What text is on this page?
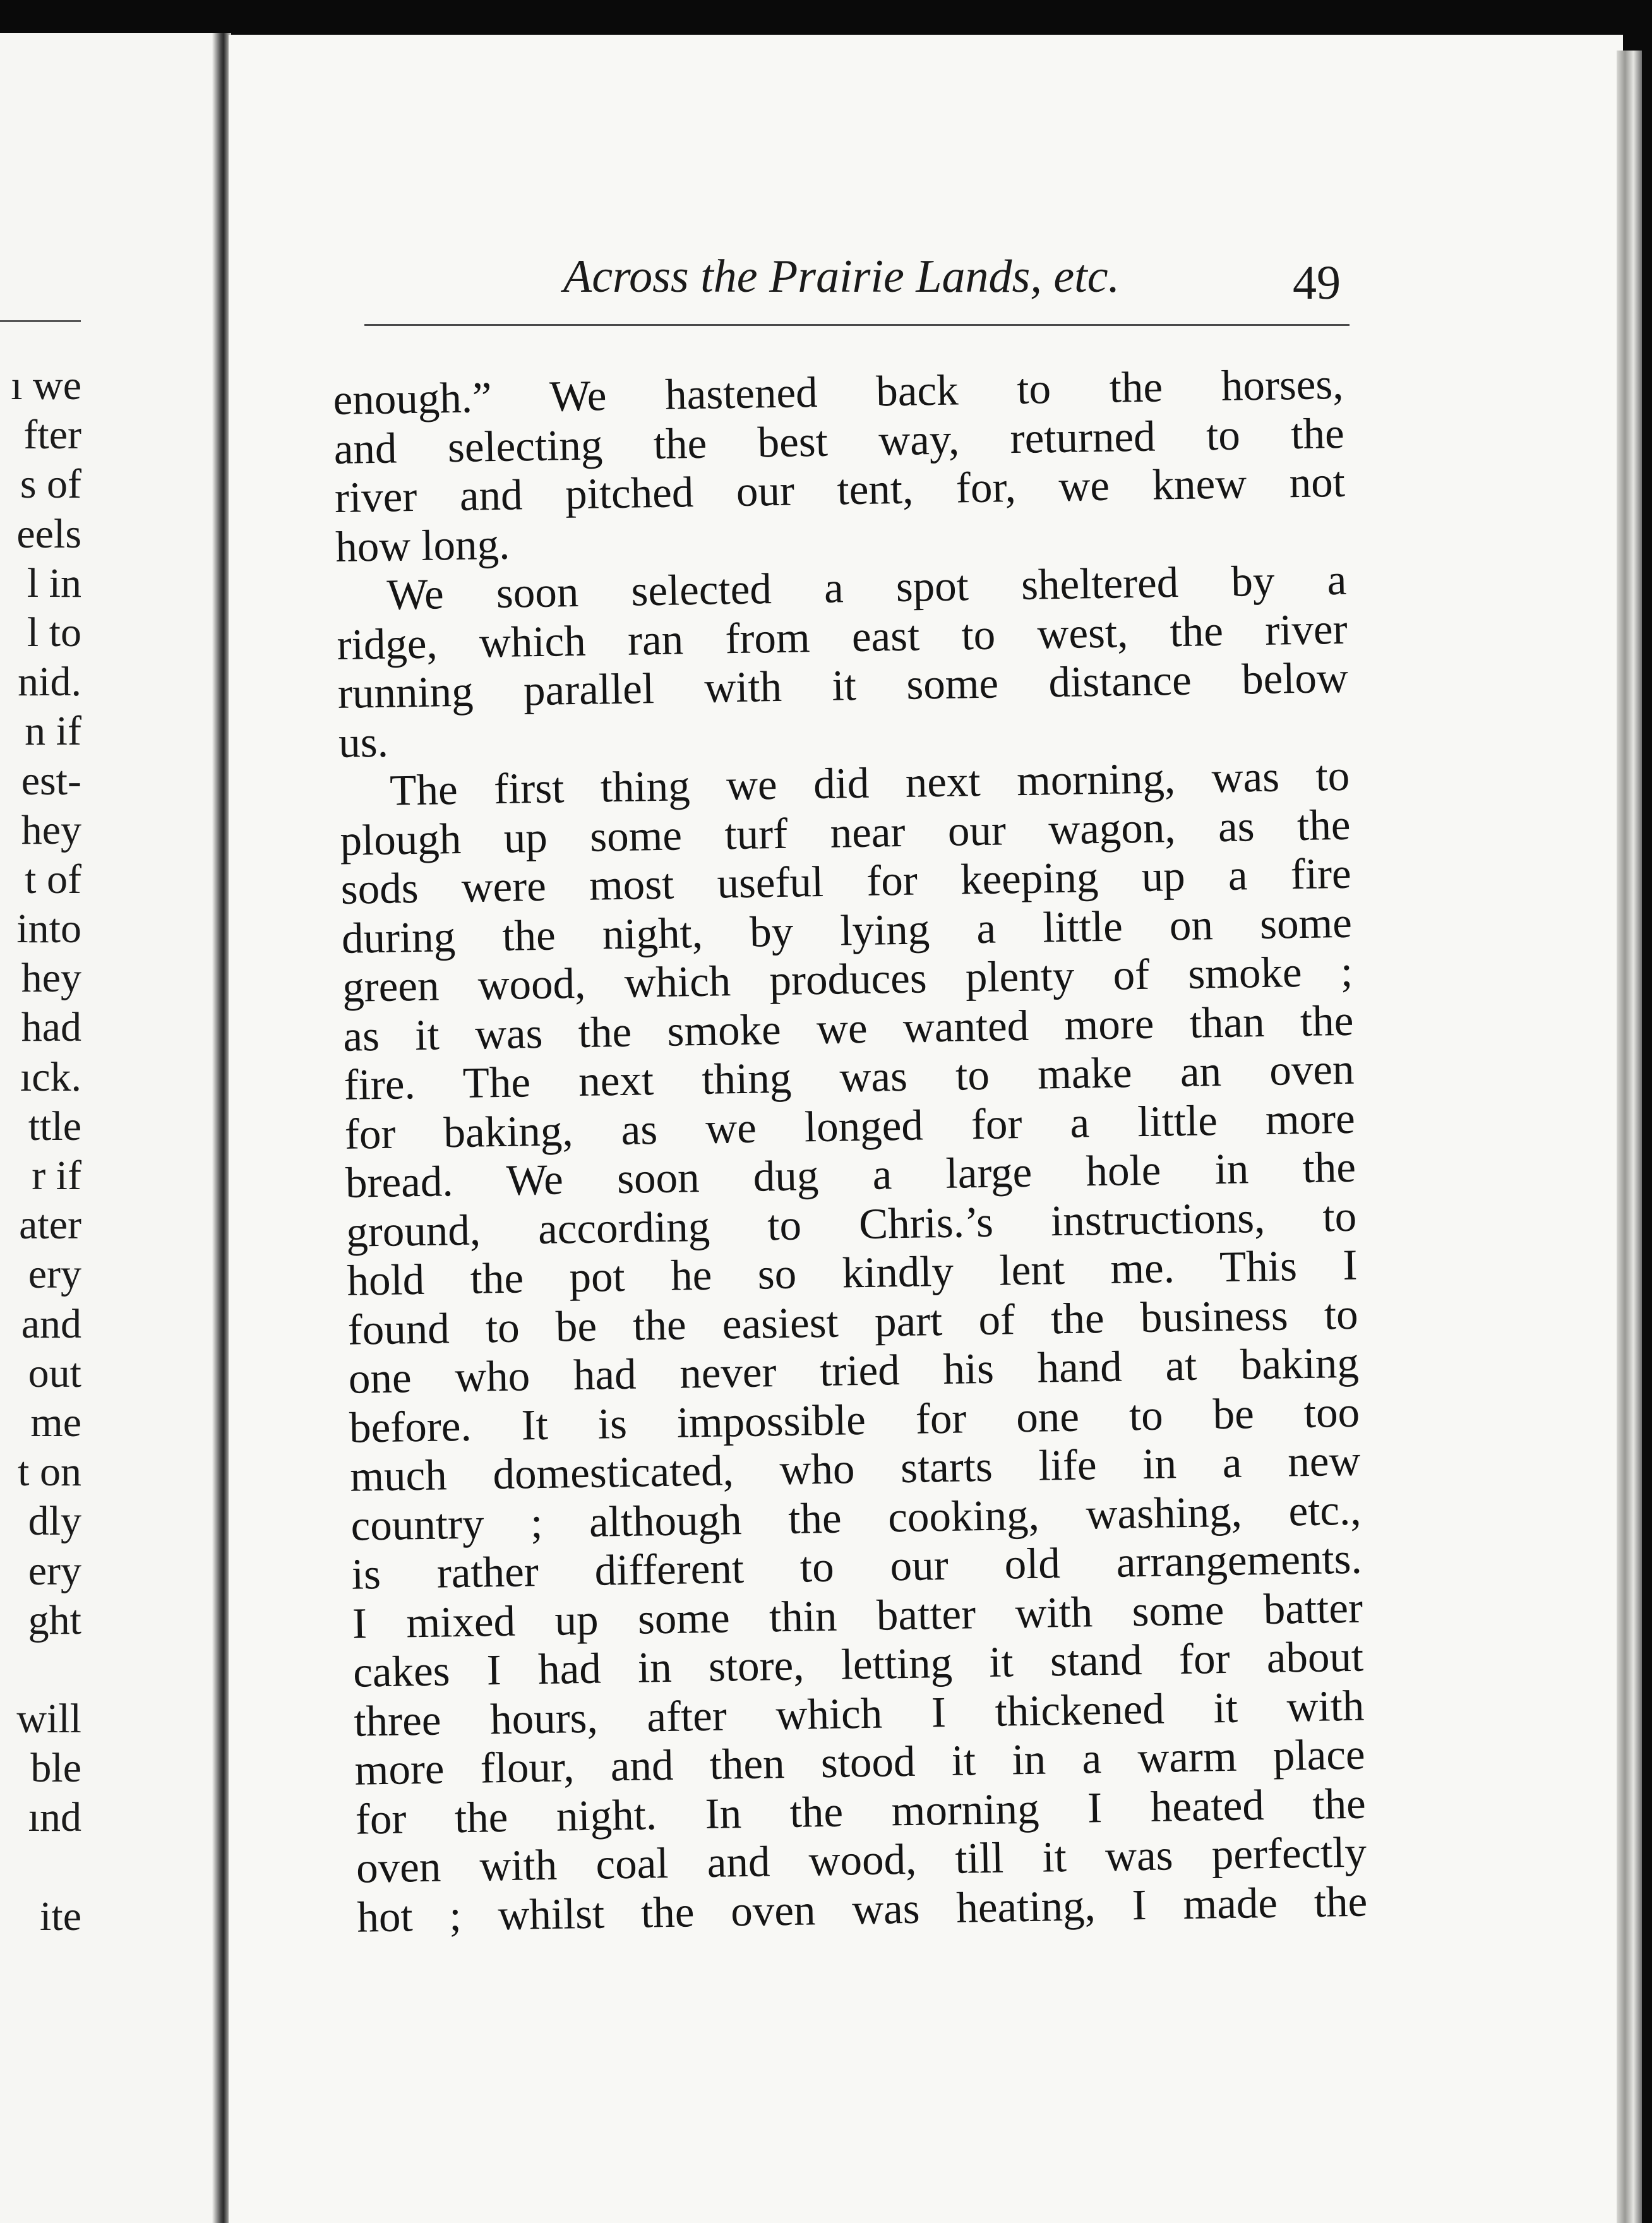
ı we
fter
s of
eels
l in
l to
nid.
n if
est-
hey
t of
into
hey
had
ıck.
ttle
r if
ater
ery
and
out
me
t on
dly
ery
ght
will
ble
ınd
ite
Across the Prairie Lands, etc.	49
enough.” We hastened back to the horses,
and selecting the best way, returned to the
river and pitched our tent, for, we knew not
how long.
We soon selected a spot sheltered by a
ridge, which ran from east to west, the river
running parallel with it some distance below
us.
The first thing we did next morning, was to
plough up some turf near our wagon, as the
sods were most useful for keeping up a fire
during the night, by lying a little on some
green wood, which produces plenty of smoke ;
as it was the smoke we wanted more than the
fire. The next thing was to make an oven
for baking, as we longed for a little more
bread. We soon dug a large hole in the
ground, according to Chris.’s instructions, to
hold the pot he so kindly lent me. This I
found to be the easiest part of the business to
one who had never tried his hand at baking
before. It is impossible for one to be too
much domesticated, who starts life in a new
country ; although the cooking, washing, etc.,
is rather different to our old arrangements.
I mixed up some thin batter with some batter
cakes I had in store, letting it stand for about
three hours, after which I thickened it with
more flour, and then stood it in a warm place
for the night. In the morning I heated the
oven with coal and wood, till it was perfectly
hot ; whilst the oven was heating, I made the
